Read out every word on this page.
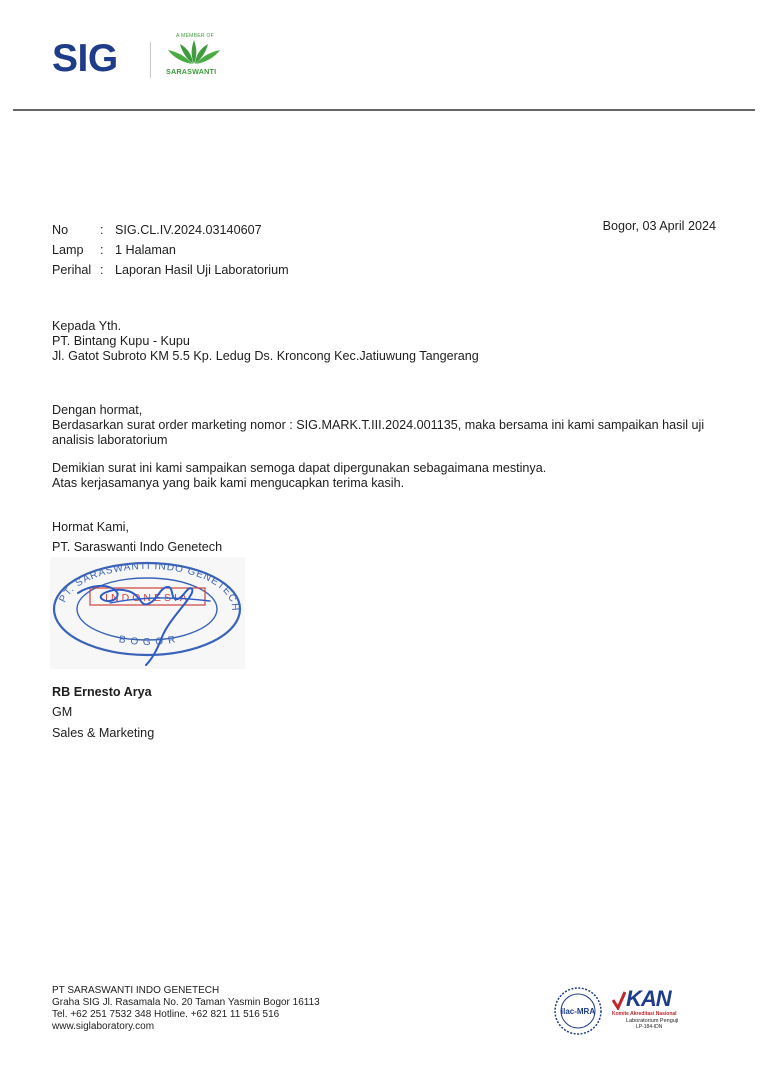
SIG
A MEMBER OF
SARASWANTI
No	: SIG.CL.IV.2024.03140607
Lamp : 1 Halaman
Perihal : Laporan Hasil Uji Laboratorium
Bogor, 03 April 2024
Kepada Yth.
PT. Bintang Kupu - Kupu
Jl. Gatot Subroto KM 5.5 Kp. Ledug Ds. Kroncong Kec.Jatiuwung Tangerang
Dengan hormat,
Berdasarkan surat order marketing nomor : SIG.MARK.T.III.2024.001135, maka bersama ini kami sampaikan hasil uji
analisis laboratorium
Demikian surat ini kami sampaikan semoga dapat dipergunakan sebagaimana mestinya.
Atas kerjasamanya yang baik kami mengucapkan terima kasih.
Hormat Kami,
PT. Saraswanti Indo Genetech
PT. SARASWANTI INDO GENETECH
BOGOR
INDONESIA
RB Ernesto Arya
GM
Sales & Marketing
PT SARASWANTI INDO GENETECH
Graha SIG Jl. Rasamala No. 20 Taman Yasmin Bogor 16113
Tel. +62 251 7532 348 Hotline. +62 821 11 516 516
www.siglaboratory.com
ilac-MRA
KAN
Komite Akreditasi Nasional
Laboratorium Penguji
LP-184-IDN
